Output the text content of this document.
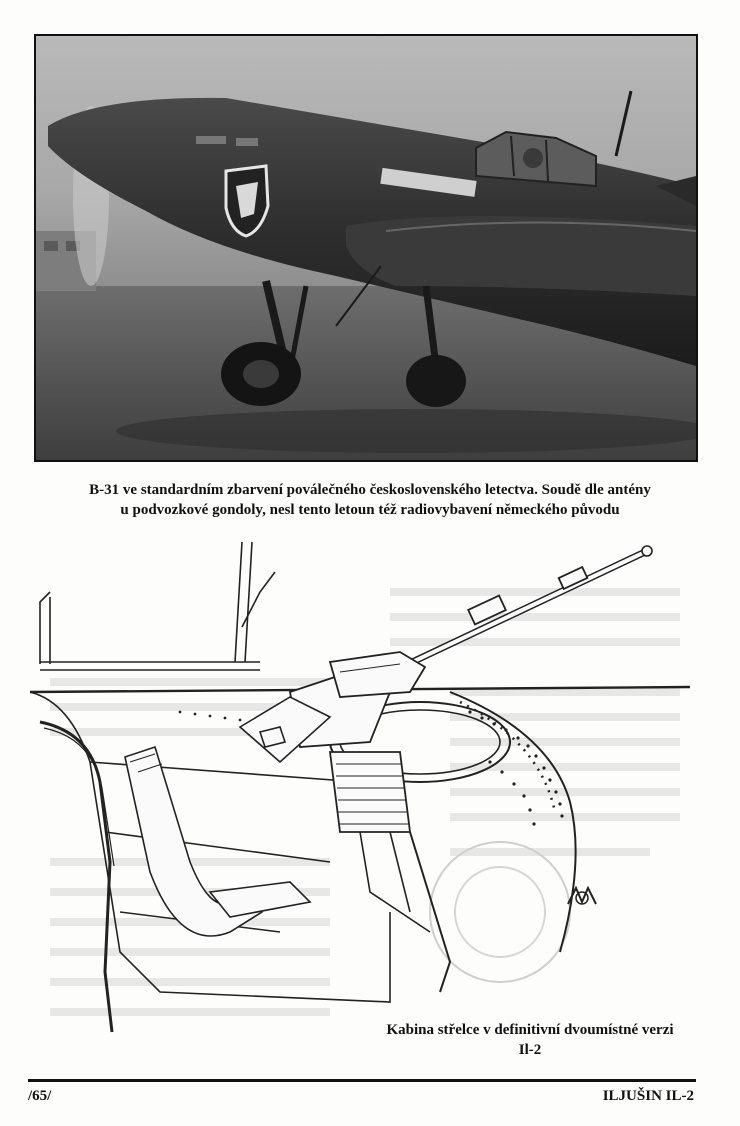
B-31 ve standardním zbarvení poválečného československého letectva. Soudě dle antény
u podvozkové gondoly, nesl tento letoun též radiovybavení německého původu
Kabina střelce v definitivní dvoumístné verzi
Il-2
/65/	ILJUŠIN IL-2
